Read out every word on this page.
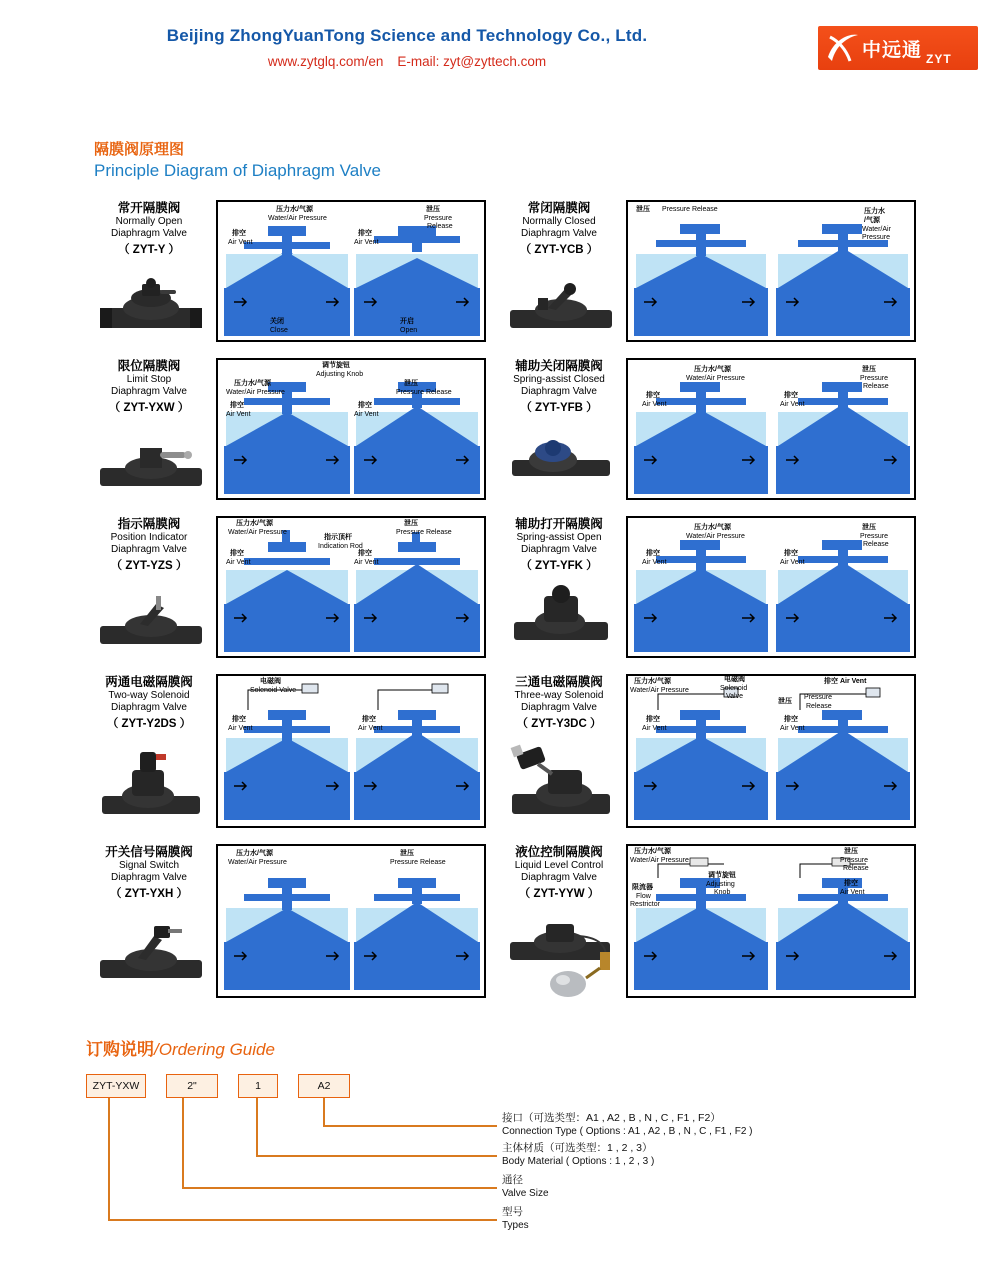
Beijing ZhongYuanTong Science and Technology Co., Ltd.
www.zytglq.com/en E-mail: zyt@zyttech.com
中远通 ZYT
隔膜阀原理图
Principle Diagram of Diaphragm Valve
常开隔膜阀
Normally Open
Diaphragm Valve
（ ZYT-Y ）
压力水/气源
Water/Air Pressure
泄压
Pressure
Release
排空
Air Vent
排空
Air Vent
关闭
Close
开启
Open
常闭隔膜阀
Normally Closed
Diaphragm Valve
（ ZYT-YCB ）
泄压 Pressure Release	压力水
/气源
Water/Air
Pressure
限位隔膜阀
Limit Stop
Diaphragm Valve
（ ZYT-YXW ）
调节旋钮
Adjusting Knob
压力水/气源
Water/Air Pressure
泄压
Pressure Release
排空
Air Vent
排空
Air Vent
辅助关闭隔膜阀
Spring-assist Closed
Diaphragm Valve
（ ZYT-YFB ）
压力水/气源
Water/Air Pressure
泄压
Pressure
Release
排空
Air Vent
排空
Air Vent
指示隔膜阀
Position Indicator
Diaphragm Valve
（ ZYT-YZS ）
压力水/气源
Water/Air Pressure
指示顶杆
Indication Rod
泄压
Pressure Release
排空
Air Vent
排空
Air Vent
辅助打开隔膜阀
Spring-assist Open
Diaphragm Valve
（ ZYT-YFK ）
压力水/气源
Water/Air Pressure
泄压
Pressure
Release
排空
Air Vent
排空
Air Vent
两通电磁隔膜阀
Two-way Solenoid
Diaphragm Valve
（ ZYT-Y2DS ）
电磁阀
Solenoid Valve
排空
Air Vent
排空
Air Vent
三通电磁隔膜阀
Three-way Solenoid
Diaphragm Valve
（ ZYT-Y3DC ）
压力水/气源
Water/Air Pressure
电磁阀
Solenoid
Valve
排空 Air Vent
泄压
Pressure
Release
排空
Air Vent
排空
Air Vent
开关信号隔膜阀
Signal Switch
Diaphragm Valve
（ ZYT-YXH ）
压力水/气源
Water/Air Pressure
泄压
Pressure Release
液位控制隔膜阀
Liquid Level Control
Diaphragm Valve
（ ZYT-YYW ）
压力水/气源
Water/Air Pressure
限流器
Flow
Restrictor
调节旋钮
Adjusting
Knob
泄压
Pressure
Release
排空
Air Vent
订购说明/Ordering Guide
ZYT-YXW	2"	1	A2
接口（可选类型：A1 , A2 , B , N , C , F1 , F2）
Connection Type ( Options : A1 , A2 , B , N , C , F1 , F2 )
主体材质（可选类型：1 , 2 , 3）
Body Material ( Options : 1 , 2 , 3 )
通径
Valve Size
型号
Types
